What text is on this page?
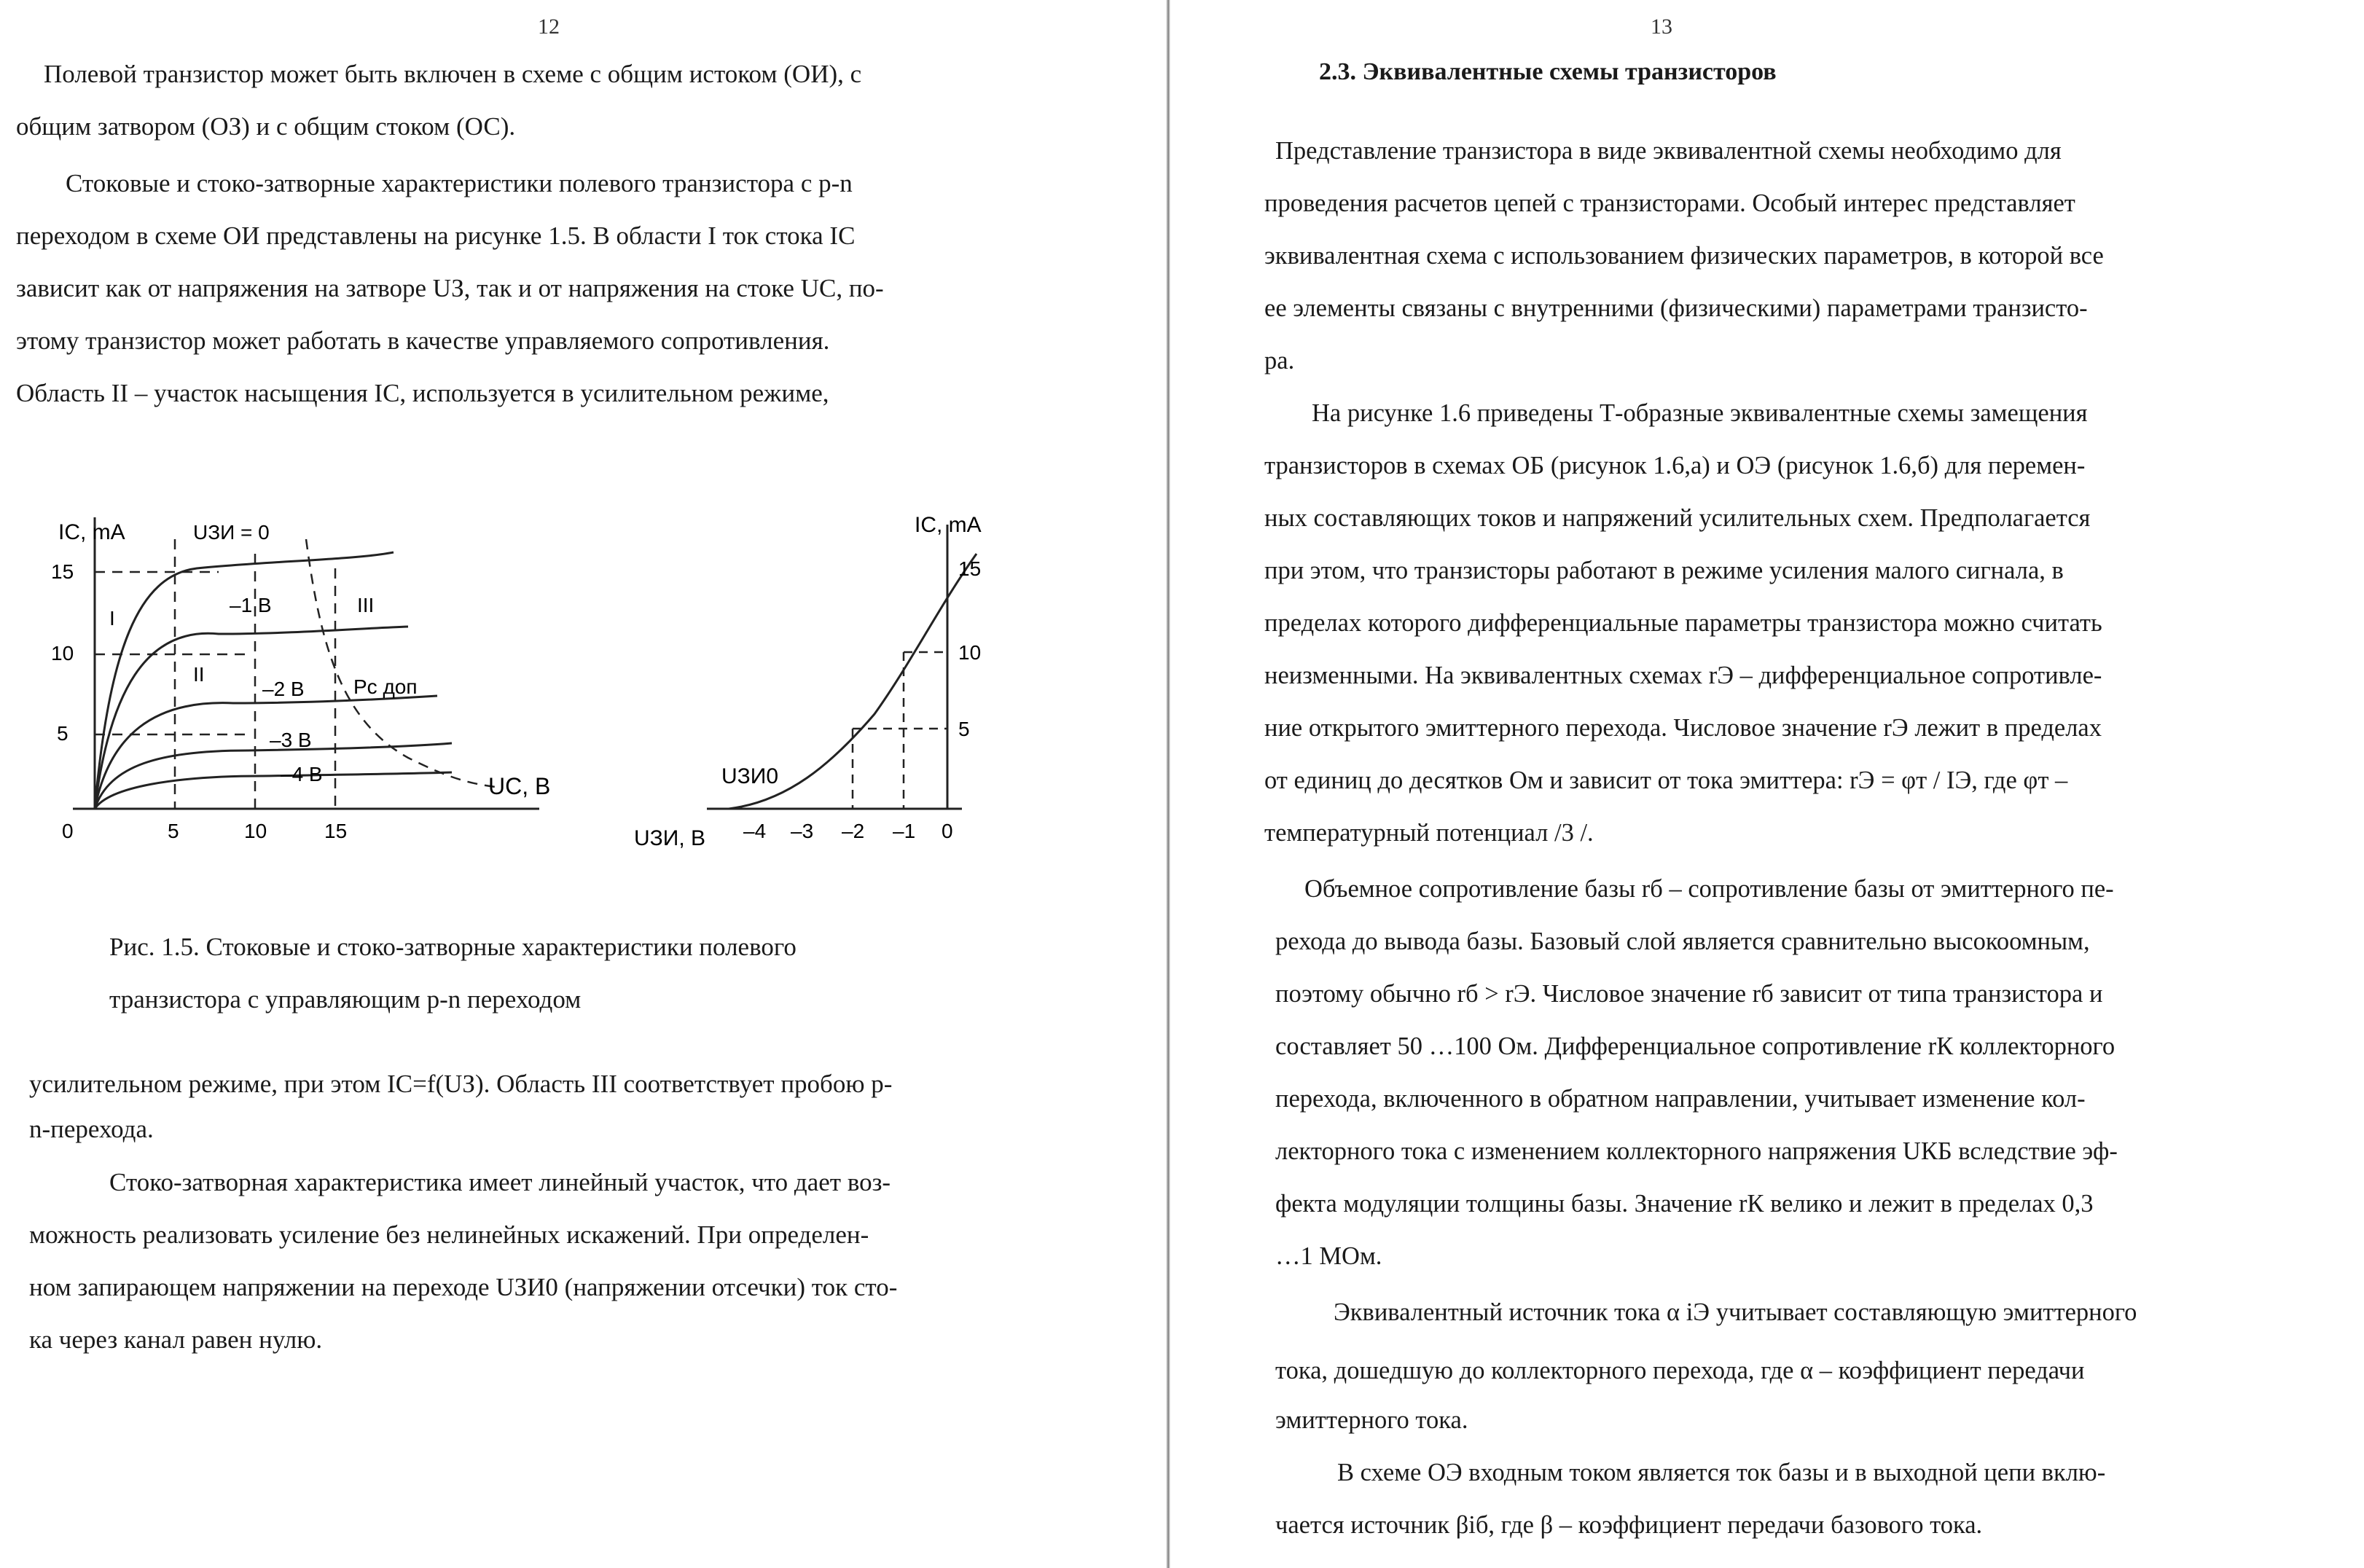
12
Полевой транзистор может быть включен в схеме с общим истоком (ОИ), с
общим затвором (ОЗ) и с общим стоком (ОС).
Стоковые и стоко-затворные характеристики полевого транзистора с p-n
переходом в схеме ОИ представлены на рисунке 1.5. В области I ток стока IC
зависит как от напряжения на затворе UЗ, так и от напряжения на стоке UC, по-
этому транзистор может работать в качестве управляемого сопротивления.
Область II – участок насыщения IC, используется в усилительном режиме,
IC, mA
UC, B
15
10
5
0	5	10	15
UЗИ = 0
–1 B
–2 B
–3 B
–4 B
I
II
III
Pc доп
IC, mA
UЗИ, B
15
10
5
–4 –3 –2 –1 0
UЗИ0
Рис. 1.5. Стоковые и стоко-затворные характеристики полевого
транзистора с управляющим p-n переходом
усилительном режиме, при этом IC=f(UЗ). Область III соответствует пробою p-
n-перехода.
Стоко-затворная характеристика имеет линейный участок, что дает воз-
можность реализовать усиление без нелинейных искажений. При определен-
ном запирающем напряжении на переходе UЗИ0 (напряжении отсечки) ток сто-
ка через канал равен нулю.
13
2.3. Эквивалентные схемы транзисторов
Представление транзистора в виде эквивалентной схемы необходимо для
проведения расчетов цепей с транзисторами. Особый интерес представляет
эквивалентная схема с использованием физических параметров, в которой все
ее элементы связаны с внутренними (физическими) параметрами транзисто-
ра.
На рисунке 1.6 приведены Т-образные эквивалентные схемы замещения
транзисторов в схемах ОБ (рисунок 1.6,а) и ОЭ (рисунок 1.6,б) для перемен-
ных составляющих токов и напряжений усилительных схем. Предполагается
при этом, что транзисторы работают в режиме усиления малого сигнала, в
пределах которого дифференциальные параметры транзистора можно считать
неизменными. На эквивалентных схемах rЭ – дифференциальное сопротивле-
ние открытого эмиттерного перехода. Числовое значение rЭ лежит в пределах
от единиц до десятков Ом и зависит от тока эмиттера: rЭ = φт / IЭ, где φт –
температурный потенциал /3 /.
Объемное сопротивление базы rб – сопротивление базы от эмиттерного пе-
рехода до вывода базы. Базовый слой является сравнительно высокоомным,
поэтому обычно rб > rЭ. Числовое значение rб зависит от типа транзистора и
составляет 50 …100 Ом. Дифференциальное сопротивление rК коллекторного
перехода, включенного в обратном направлении, учитывает изменение кол-
лекторного тока с изменением коллекторного напряжения UКБ вследствие эф-
фекта модуляции толщины базы. Значение rК велико и лежит в пределах 0,3
…1 МОм.
Эквивалентный источник тока α iЭ учитывает составляющую эмиттерного
тока, дошедшую до коллекторного перехода, где α – коэффициент передачи
эмиттерного тока.
В схеме ОЭ входным током является ток базы и в выходной цепи вклю-
чается источник βiб, где β – коэффициент передачи базового тока.
